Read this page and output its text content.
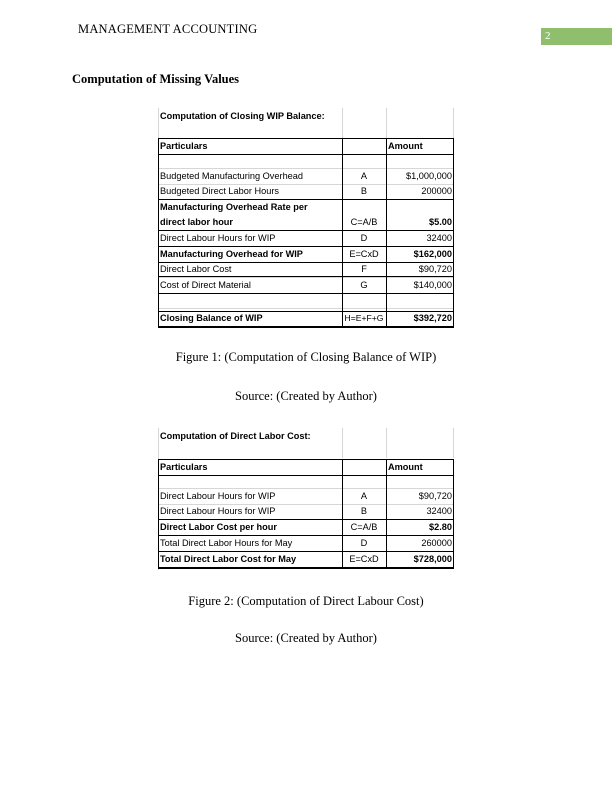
MANAGEMENT ACCOUNTING	2
Computation of Missing Values
Computation of Closing WIP Balance:
Particulars	Amount
Budgeted Manufacturing Overhead	A	$1,000,000
Budgeted Direct Labor Hours	B	200000
Manufacturing Overhead Rate per
direct labor hour	C=A/B	$5.00
Direct Labour Hours for WIP	D	32400
Manufacturing Overhead for WIP	E=CxD	$162,000
Direct Labor Cost	F	$90,720
Cost of Direct Material	G	$140,000
Closing Balance of WIP	H=E+F+G	$392,720
Figure 1: (Computation of Closing Balance of WIP)
Source: (Created by Author)
Computation of Direct Labor Cost:
Particulars	Amount
Direct Labour Hours for WIP	A	$90,720
Direct Labour Hours for WIP	B	32400
Direct Labor Cost per hour	C=A/B	$2.80
Total Direct Labor Hours for May	D	260000
Total Direct Labor Cost for May	E=CxD	$728,000
Figure 2: (Computation of Direct Labour Cost)
Source: (Created by Author)
